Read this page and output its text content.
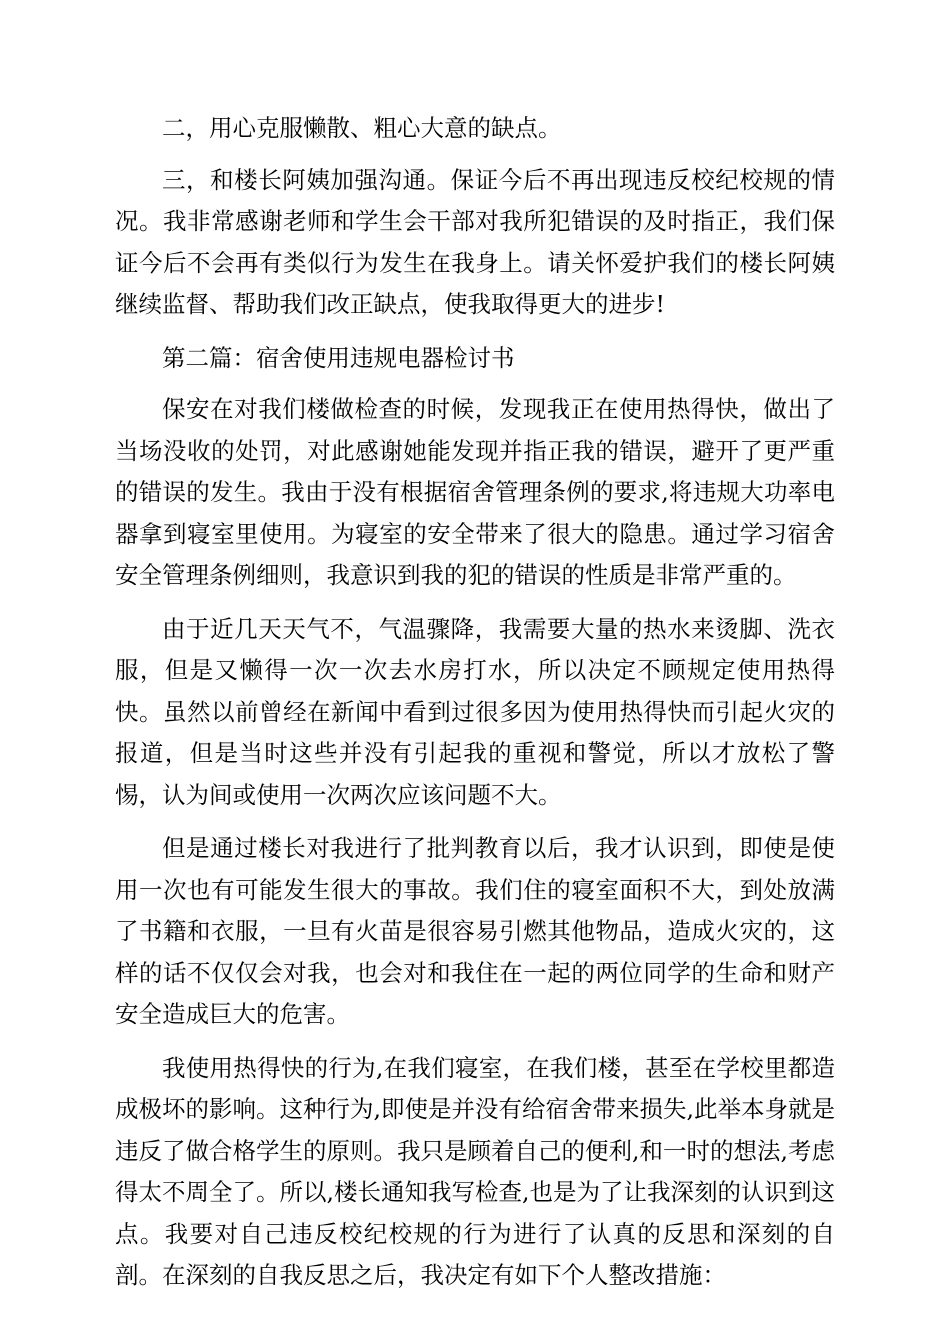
二，用心克服懒散、粗心大意的缺点。

三，和楼长阿姨加强沟通。保证今后不再出现违反校纪校规的情况。我非常感谢老师和学生会干部对我所犯错误的及时指正，我们保证今后不会再有类似行为发生在我身上。请关怀爱护我们的楼长阿姨继续监督、帮助我们改正缺点，使我取得更大的进步!

第二篇：宿舍使用违规电器检讨书

保安在对我们楼做检查的时候，发现我正在使用热得快，做出了当场没收的处罚，对此感谢她能发现并指正我的错误，避开了更严重的错误的发生。我由于没有根据宿舍管理条例的要求,将违规大功率电器拿到寝室里使用。为寝室的安全带来了很大的隐患。通过学习宿舍安全管理条例细则，我意识到我的犯的错误的性质是非常严重的。

由于近几天天气不，气温骤降，我需要大量的热水来烫脚、洗衣服，但是又懒得一次一次去水房打水，所以决定不顾规定使用热得快。虽然以前曾经在新闻中看到过很多因为使用热得快而引起火灾的报道，但是当时这些并没有引起我的重视和警觉，所以才放松了警惕，认为间或使用一次两次应该问题不大。

但是通过楼长对我进行了批判教育以后，我才认识到，即使是使用一次也有可能发生很大的事故。我们住的寝室面积不大，到处放满了书籍和衣服，一旦有火苗是很容易引燃其他物品，造成火灾的，这样的话不仅仅会对我，也会对和我住在一起的两位同学的生命和财产安全造成巨大的危害。

我使用热得快的行为,在我们寝室，在我们楼，甚至在学校里都造成极坏的影响。这种行为,即使是并没有给宿舍带来损失,此举本身就是违反了做合格学生的原则。我只是顾着自己的便利,和一时的想法,考虑得太不周全了。所以,楼长通知我写检查,也是为了让我深刻的认识到这点。我要对自己违反校纪校规的行为进行了认真的反思和深刻的自剖。在深刻的自我反思之后，我决定有如下个人整改措施：
